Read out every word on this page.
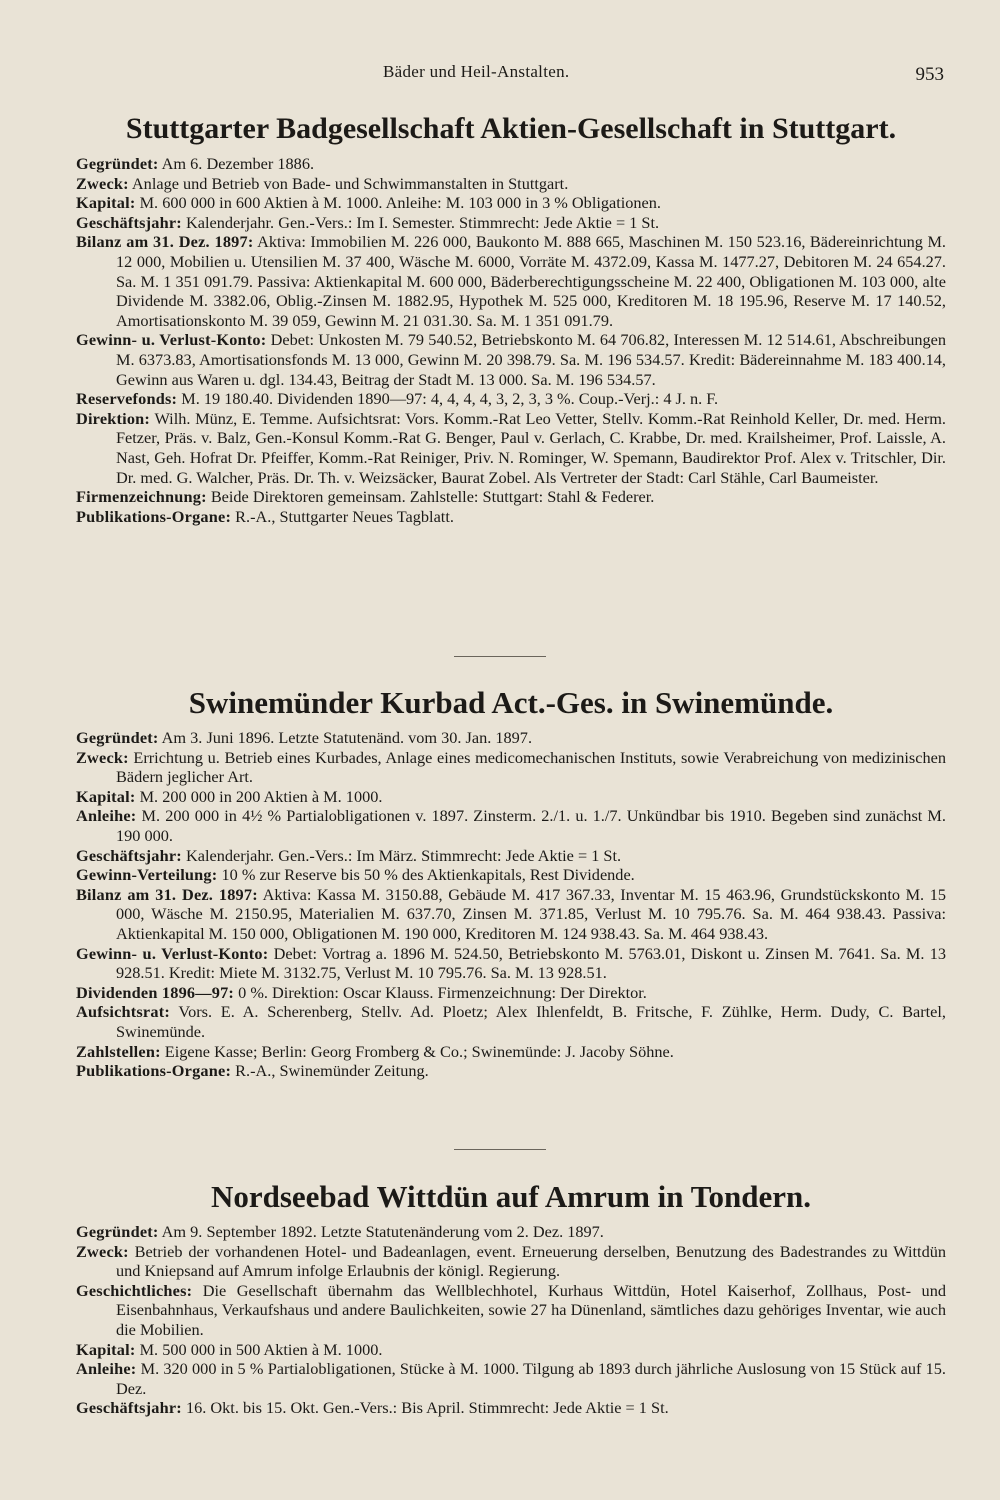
Bäder und Heil-Anstalten.	953
Stuttgarter Badgesellschaft Aktien-Gesellschaft in Stuttgart.

Gegründet: Am 6. Dezember 1886.

Zweck: Anlage und Betrieb von Bade- und Schwimmanstalten in Stuttgart.

Kapital: M. 600 000 in 600 Aktien à M. 1000. Anleihe: M. 103 000 in 3 % Obligationen.

Geschäftsjahr: Kalenderjahr. Gen.-Vers.: Im I. Semester. Stimmrecht: Jede Aktie = 1 St.

Bilanz am 31. Dez. 1897: Aktiva: Immobilien M. 226 000, Baukonto M. 888 665, Maschinen M. 150 523.16, Bädereinrichtung M. 12 000, Mobilien u. Utensilien M. 37 400, Wäsche M. 6000, Vorräte M. 4372.09, Kassa M. 1477.27, Debitoren M. 24 654.27. Sa. M. 1 351 091.79. Passiva: Aktienkapital M. 600 000, Bäderberechtigungsscheine M. 22 400, Obligationen M. 103 000, alte Dividende M. 3382.06, Oblig.-Zinsen M. 1882.95, Hypothek M. 525 000, Kreditoren M. 18 195.96, Reserve M. 17 140.52, Amortisationskonto M. 39 059, Gewinn M. 21 031.30. Sa. M. 1 351 091.79.

Gewinn- u. Verlust-Konto: Debet: Unkosten M. 79 540.52, Betriebskonto M. 64 706.82, Interessen M. 12 514.61, Abschreibungen M. 6373.83, Amortisationsfonds M. 13 000, Gewinn M. 20 398.79. Sa. M. 196 534.57. Kredit: Bädereinnahme M. 183 400.14, Gewinn aus Waren u. dgl. 134.43, Beitrag der Stadt M. 13 000. Sa. M. 196 534.57.

Reservefonds: M. 19 180.40. Dividenden 1890—97: 4, 4, 4, 4, 3, 2, 3, 3 %. Coup.-Verj.: 4 J. n. F.

Direktion: Wilh. Münz, E. Temme. Aufsichtsrat: Vors. Komm.-Rat Leo Vetter, Stellv. Komm.-Rat Reinhold Keller, Dr. med. Herm. Fetzer, Präs. v. Balz, Gen.-Konsul Komm.-Rat G. Benger, Paul v. Gerlach, C. Krabbe, Dr. med. Krailsheimer, Prof. Laissle, A. Nast, Geh. Hofrat Dr. Pfeiffer, Komm.-Rat Reiniger, Priv. N. Rominger, W. Spemann, Baudirektor Prof. Alex v. Tritschler, Dir. Dr. med. G. Walcher, Präs. Dr. Th. v. Weizsäcker, Baurat Zobel. Als Vertreter der Stadt: Carl Stähle, Carl Baumeister.

Firmenzeichnung: Beide Direktoren gemeinsam. Zahlstelle: Stuttgart: Stahl & Federer.

Publikations-Organe: R.-A., Stuttgarter Neues Tagblatt.

Swinemünder Kurbad Act.-Ges. in Swinemünde.

Gegründet: Am 3. Juni 1896. Letzte Statutenänd. vom 30. Jan. 1897.

Zweck: Errichtung u. Betrieb eines Kurbades, Anlage eines medicomechanischen Instituts, sowie Verabreichung von medizinischen Bädern jeglicher Art.

Kapital: M. 200 000 in 200 Aktien à M. 1000.

Anleihe: M. 200 000 in 4½ % Partialobligationen v. 1897. Zinsterm. 2./1. u. 1./7. Unkündbar bis 1910. Begeben sind zunächst M. 190 000.

Geschäftsjahr: Kalenderjahr. Gen.-Vers.: Im März. Stimmrecht: Jede Aktie = 1 St.

Gewinn-Verteilung: 10 % zur Reserve bis 50 % des Aktienkapitals, Rest Dividende.

Bilanz am 31. Dez. 1897: Aktiva: Kassa M. 3150.88, Gebäude M. 417 367.33, Inventar M. 15 463.96, Grundstückskonto M. 15 000, Wäsche M. 2150.95, Materialien M. 637.70, Zinsen M. 371.85, Verlust M. 10 795.76. Sa. M. 464 938.43. Passiva: Aktienkapital M. 150 000, Obligationen M. 190 000, Kreditoren M. 124 938.43. Sa. M. 464 938.43.

Gewinn- u. Verlust-Konto: Debet: Vortrag a. 1896 M. 524.50, Betriebskonto M. 5763.01, Diskont u. Zinsen M. 7641. Sa. M. 13 928.51. Kredit: Miete M. 3132.75, Verlust M. 10 795.76. Sa. M. 13 928.51.

Dividenden 1896—97: 0 %. Direktion: Oscar Klauss. Firmenzeichnung: Der Direktor.

Aufsichtsrat: Vors. E. A. Scherenberg, Stellv. Ad. Ploetz; Alex Ihlenfeldt, B. Fritsche, F. Zühlke, Herm. Dudy, C. Bartel, Swinemünde.

Zahlstellen: Eigene Kasse; Berlin: Georg Fromberg & Co.; Swinemünde: J. Jacoby Söhne.

Publikations-Organe: R.-A., Swinemünder Zeitung.

Nordseebad Wittdün auf Amrum in Tondern.

Gegründet: Am 9. September 1892. Letzte Statutenänderung vom 2. Dez. 1897.

Zweck: Betrieb der vorhandenen Hotel- und Badeanlagen, event. Erneuerung derselben, Benutzung des Badestrandes zu Wittdün und Kniepsand auf Amrum infolge Erlaubnis der königl. Regierung.

Geschichtliches: Die Gesellschaft übernahm das Wellblechhotel, Kurhaus Wittdün, Hotel Kaiserhof, Zollhaus, Post- und Eisenbahnhaus, Verkaufshaus und andere Baulichkeiten, sowie 27 ha Dünenland, sämtliches dazu gehöriges Inventar, wie auch die Mobilien.

Kapital: M. 500 000 in 500 Aktien à M. 1000.

Anleihe: M. 320 000 in 5 % Partialobligationen, Stücke à M. 1000. Tilgung ab 1893 durch jährliche Auslosung von 15 Stück auf 15. Dez.

Geschäftsjahr: 16. Okt. bis 15. Okt. Gen.-Vers.: Bis April. Stimmrecht: Jede Aktie = 1 St.
